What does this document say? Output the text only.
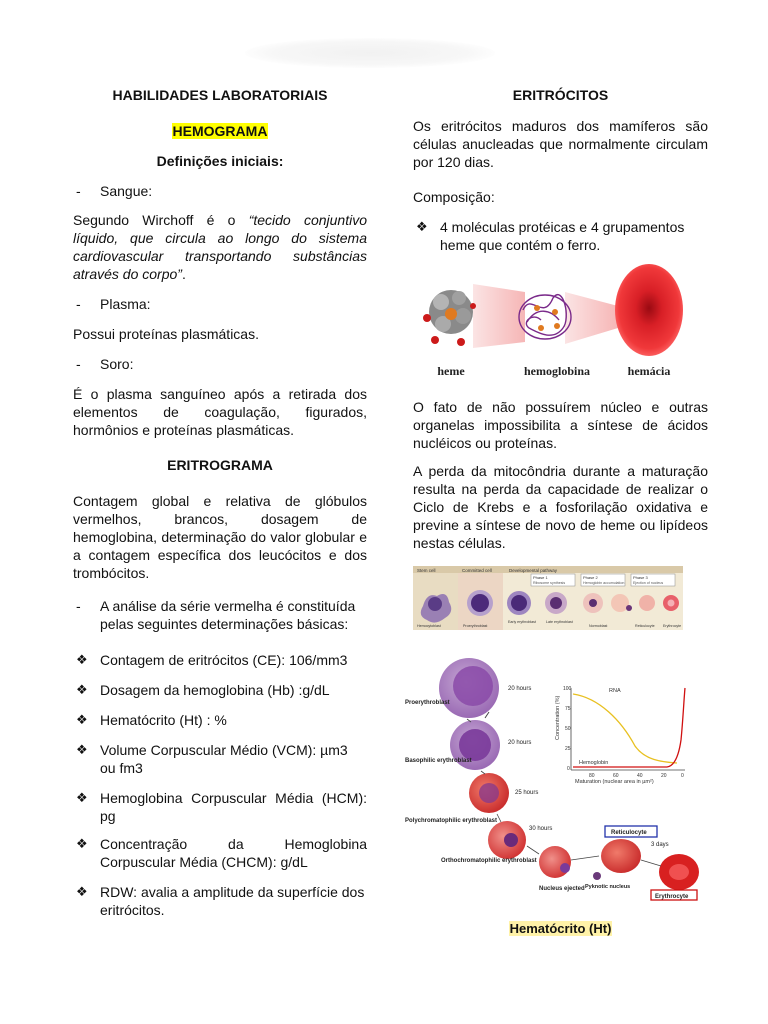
HABILIDADES LABORATORIAIS
HEMOGRAMA
Definições iniciais:
- Sangue:
Segundo Wirchoff é o “tecido conjuntivo líquido, que circula ao longo do sistema cardiovascular transportando substâncias através do corpo”.
- Plasma:
Possui proteínas plasmáticas.
- Soro:
É o plasma sanguíneo após a retirada dos elementos de coagulação, figurados, hormônios e proteínas plasmáticas.
ERITROGRAMA
Contagem global e relativa de glóbulos vermelhos, brancos, dosagem de hemoglobina, determinação do valor globular e a contagem específica dos leucócitos e dos trombócitos.
- A análise da série vermelha é constituída pelas seguintes determinações básicas:
❖ Contagem de eritrócitos (CE): 106/mm3
❖ Dosagem da hemoglobina (Hb) :g/dL
❖ Hematócrito (Ht) : %
❖ Volume Corpuscular Médio (VCM): µm3 ou fm3
❖ Hemoglobina Corpuscular Média (HCM): pg
❖ Concentração da Hemoglobina Corpuscular Média (CHCM): g/dL
❖ RDW: avalia a amplitude da superfície dos eritrócitos.
ERITRÓCITOS
Os eritrócitos maduros dos mamíferos são células anucleadas que normalmente circulam por 120 dias.
Composição:
❖ 4 moléculas protéicas e 4 grupamentos heme que contém o ferro.
heme	hemoglobina	hemácia
O fato de não possuírem núcleo e outras organelas impossibilita a síntese de ácidos nucléicos ou proteínas.
A perda da mitocôndria durante a maturação resulta na perda da capacidade de realizar o Ciclo de Krebs e a fosforilação oxidativa e previne a síntese de novo de heme ou lipídeos nestas células.
Stem cell	Committed cell	Developmental pathway
Phase 1	Phase 2	Phase 3
Ribosome synthesis	Hemoglobin accumulation Ejection of nucleus
Hemocytoblast	Proerythroblast
Early erythroblast	Late erythroblast
Normoblast	Reticulocyte Erythrocyte
Proerythroblast
20 hours
Basophilic erythroblast
20 hours
Polychromatophilic erythroblast
25 hours
Orthochromatophilic erythroblast
30 hours
Nucleus ejected Pyknotic nucleus
Reticulocyte
3 days
Erythrocyte
Concentration (%)
Maturation (nuclear area in µm²)
100
75
50
25
0
80	60	40	20	0
RNA
Hemoglobin
Hematócrito (Ht)
